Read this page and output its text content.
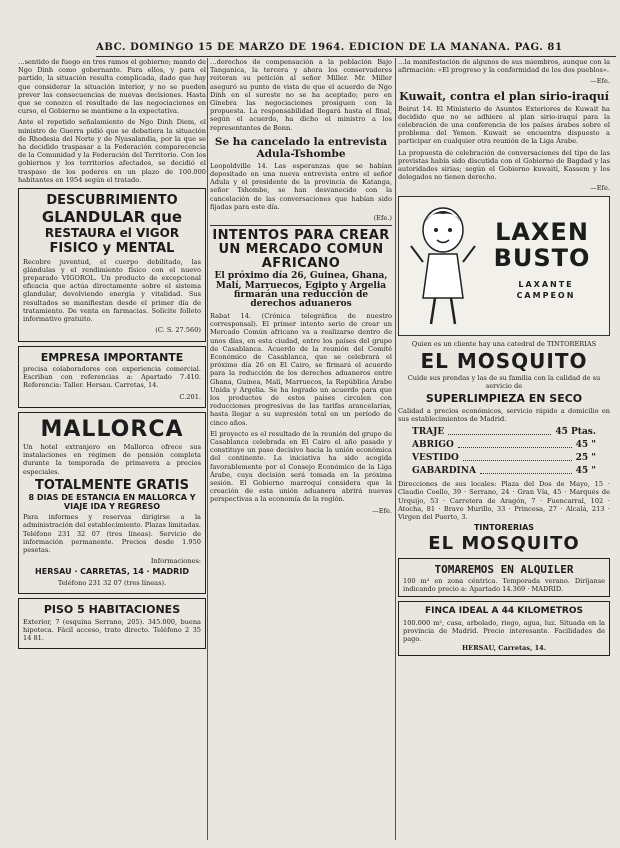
ABC. DOMINGO 15 DE MARZO DE 1964. EDICION DE LA MAÑANA. PAG. 81

…sentido de fuego en tres ramos el gobierno; mando de Ngo Dinh como gobernante. Para ellos, y para el partido, la situación resulta complicada, dado que hay que considerar la situación interior, y no se pueden prever las consecuencias de nuevas decisiones. Hasta que se conozca el resultado de las negociaciones en curso, el Gobierno se mantiene a la expectativa.

Ante el repetido señalamiento de Ngo Dinh Diem, el ministro de Guerra pidió que se debatiera la situación de Rhodesia del Norte y de Nyasalandia, por la que se ha decidido traspasar a la Federación comparecencia de la Comunidad y la Federación del Territorio. Con los gobiernos y los territorios afectados, se decidió el traspaso de los poderes en un plazo de 100.000 habitantes en 1954 según el tratado.

DESCUBRIMIENTO
GLANDULAR que
RESTAURA el VIGOR
FISICO y MENTAL

Recobre juventud, el cuerpo debilitado, las glándulas y el rendimiento físico con el nuevo preparado VIGOROL. Un producto de excepcional eficacia que actúa directamente sobre el sistema glandular, devolviendo energía y vitalidad. Sus resultados se manifiestan desde el primer día de tratamiento. De venta en farmacias. Solicite folleto informativo gratuito.

(C. S. 27.560)
EMPRESA IMPORTANTE

precisa colaboradores con experiencia comercial. Escriban con referencias a: Apartado 7.410. Referencia: Taller. Hersau. Carretas, 14.

C.201.
MALLORCA

Un hotel extranjero en Mallorca ofrece sus instalaciones en régimen de pensión completa durante la temporada de primavera a precios especiales.

TOTALMENTE GRATIS
8 DIAS DE ESTANCIA EN MALLORCA Y VIAJE IDA Y REGRESO

Para informes y reservas dirigirse a la administración del establecimiento. Plazas limitadas. Teléfono 231 32 07 (tres líneas). Servicio de información permanente. Precios desde 1.950 pesetas.

Informaciones:
HERSAU · CARRETAS, 14 · MADRID
Teléfono 231 32 07 (tres líneas).
PISO 5 HABITACIONES

Exterior, 7 (esquina Serrano, 205). 345.000, buena hipoteca. Fácil acceso, trato directo. Teléfono 2 35 14 81.

…derechos de compensación a la población Bajo Tanganica, la tercera y ahora los conservadores reiteran su petición al señor Miller. Mr. Miller aseguró su punto de vista de que el acuerdo de Ngo Dinh en el sureste no se ha aceptado; pero en Ginebra las negociaciones prosiguen con la propuesta. La responsabilidad llegará hasta el final, según el acuerdo, ha dicho el ministro a los representantes de Bonn.

Se ha cancelado la entrevista Adula-Tshombe

Leopoldville 14. Las esperanzas que se habían depositado en una nueva entrevista entre el señor Adula y el presidente de la provincia de Katanga, señor Tshombe, se han desvanecido con la cancelación de las conversaciones que habían sido fijadas para este día.

(Efe.)
INTENTOS PARA CREAR UN MERCADO COMUN AFRICANO
El próximo día 26, Guinea, Ghana, Malí, Marruecos, Egipto y Argelia firmarán una reducción de derechos aduaneros

Rabat 14. (Crónica telegráfica de nuestro corresponsal). El primer intento serio de crear un Mercado Común africano va a realizarse dentro de unos días, en esta ciudad, entre los países del grupo de Casablanca. Acuerdo de la reunión del Comité Económico de Casablanca, que se celebrará el próximo día 26 en El Cairo, se firmará el acuerdo para la reducción de los derechos aduaneros entre Ghana, Guinea, Malí, Marruecos, la República Árabe Unida y Argelia. Se ha logrado un acuerdo para que los productos de estos países circulen con reducciones progresivas de las tarifas arancelarias, hasta llegar a su supresión total en un período de cinco años.

El proyecto es el resultado de la reunión del grupo de Casablanca celebrada en El Cairo el año pasado y constituye un paso decisivo hacia la unión económica del continente. La iniciativa ha sido acogida favorablemente por el Consejo Económico de la Liga Árabe, cuya decisión será tomada en la próxima sesión. El Gobierno marroquí considera que la creación de esta unión aduanera abrirá nuevas perspectivas a la economía de la región.

—Efe.

…la manifestación de algunos de sus miembros, aunque con la afirmación: «El progreso y la conformidad de los dos pueblos».

—Efe.
Kuwait, contra el plan sirio-iraquí

Beirut 14. El Ministerio de Asuntos Exteriores de Kuwait ha decidido que no se adhiere al plan sirio-iraquí para la celebración de una conferencia de los países árabes sobre el problema del Yemen. Kuwait se encuentra dispuesto a participar en cualquier otra reunión de la Liga Árabe.

La propuesta de celebración de conversaciones del tipo de las previstas había sido discutida con el Gobierno de Bagdad y las autoridades sirias; según el Gobierno kuwaití, Kassem y los delegados no tienen derecho.

—Efe.
LAXEN BUSTO
LAXANTE CAMPEON
Quien es un cliente hay una catedral de TINTORERIAS
EL MOSQUITO

Cuide sus prendas y las de su familia con la calidad de su servicio de

SUPERLIMPIEZA EN SECO

Calidad a precios económicos, servicio rápido a domicilio en sus establecimientos de Madrid.

TRAJE	45 Ptas.
ABRIGO	45 "
VESTIDO	25 "
GABARDINA	45 "

Direcciones de sus locales: Plaza del Dos de Mayo, 15 · Claudio Coello, 39 · Serrano, 24 · Gran Vía, 45 · Marqués de Urquijo, 53 · Carretera de Aragón, 7 · Fuencarral, 102 · Atocha, 81 · Bravo Murillo, 33 · Princesa, 27 · Alcalá, 213 · Virgen del Puerto, 3.

TINTORERIAS
EL MOSQUITO
TOMAREMOS EN ALQUILER

100 m² en zona céntrica. Temporada verano. Diríjanse indicando precio a: Apartado 14.369 · MADRID.

FINCA IDEAL A 44 KILOMETROS

100.000 m², casa, arbolado, riego, agua, luz. Situada en la provincia de Madrid. Precio interesante. Facilidades de pago.

HERSAU, Carretas, 14.
